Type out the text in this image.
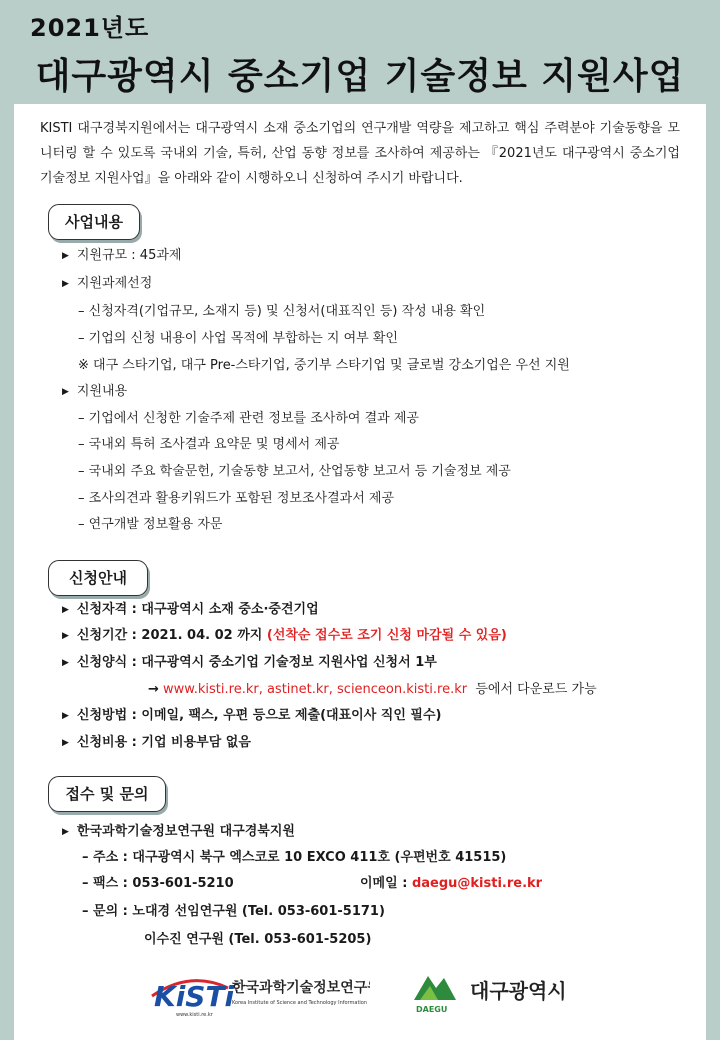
2021년도
대구광역시 중소기업 기술정보 지원사업
KISTI 대구경북지원에서는 대구광역시 소재 중소기업의 연구개발 역량을 제고하고 핵심 주력분야 기술동향을 모니터링 할 수 있도록 국내외 기술, 특허, 산업 동향 정보를 조사하여 제공하는 『2021년도 대구광역시 중소기업 기술정보 지원사업』을 아래와 같이 시행하오니 신청하여 주시기 바랍니다.
사업내용
▶ 지원규모 : 45과제
▶ 지원과제선정
– 신청자격(기업규모, 소재지 등) 및 신청서(대표직인 등) 작성 내용 확인
– 기업의 신청 내용이 사업 목적에 부합하는 지 여부 확인
※ 대구 스타기업, 대구 Pre-스타기업, 중기부 스타기업 및 글로벌 강소기업은 우선 지원
▶ 지원내용
– 기업에서 신청한 기술주제 관련 정보를 조사하여 결과 제공
– 국내외 특허 조사결과 요약문 및 명세서 제공
– 국내외 주요 학술문헌, 기술동향 보고서, 산업동향 보고서 등 기술정보 제공
– 조사의견과 활용키워드가 포함된 정보조사결과서 제공
– 연구개발 정보활용 자문
신청안내
▶ 신청자격 : 대구광역시 소재 중소·중견기업
▶ 신청기간 : 2021. 04. 02 까지 (선착순 접수로 조기 신청 마감될 수 있음)
▶ 신청양식 : 대구광역시 중소기업 기술정보 지원사업 신청서 1부
→ www.kisti.re.kr, astinet.kr, scienceon.kisti.re.kr 등에서 다운로드 가능
▶ 신청방법 : 이메일, 팩스, 우편 등으로 제출(대표이사 직인 필수)
▶ 신청비용 : 기업 비용부담 없음
접수 및 문의
▶ 한국과학기술정보연구원 대구경북지원
– 주소 : 대구광역시 북구 엑스코로 10 EXCO 411호 (우편번호 41515)
– 팩스 : 053-601-5210	이메일 : daegu@kisti.re.kr
– 문의 : 노대경 선임연구원 (Tel. 053-601-5171)
이수진 연구원 (Tel. 053-601-5205)
KiSTi
www.kisti.re.kr
한국과학기술정보연구원
Korea Institute of Science and Technology Information
DAEGU
대구광역시
